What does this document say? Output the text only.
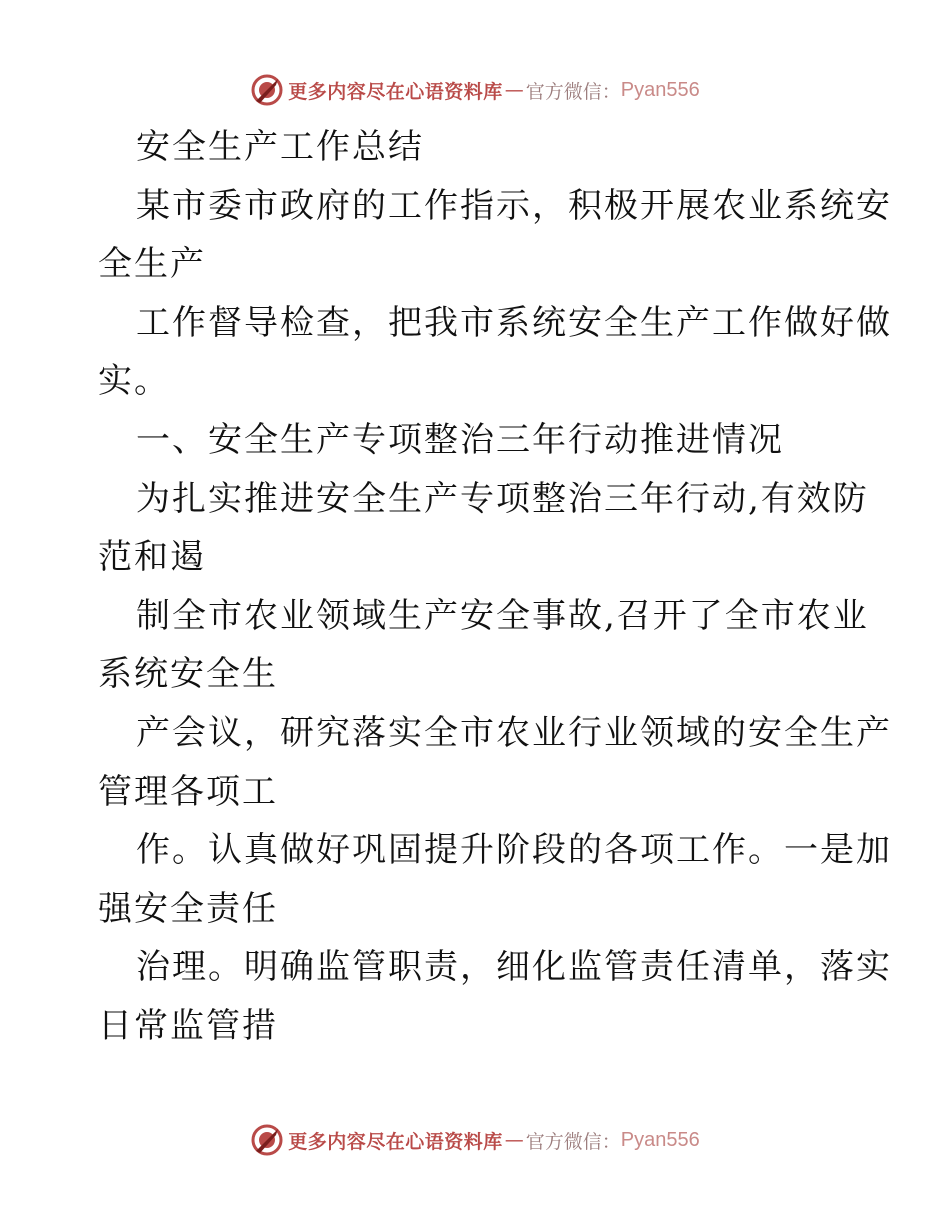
更多内容尽在心语资料库 — 官方微信： Pyan556
安全生产工作总结
某市委市政府的工作指示，积极开展农业系统安
全生产
工作督导检查，把我市系统安全生产工作做好做
实。
一、安全生产专项整治三年行动推进情况
为扎实推进安全生产专项整治三年行动,有效防
范和遏
制全市农业领域生产安全事故,召开了全市农业
系统安全生
产会议，研究落实全市农业行业领域的安全生产
管理各项工
作。认真做好巩固提升阶段的各项工作。一是加
强安全责任
治理。明确监管职责，细化监管责任清单，落实
日常监管措
更多内容尽在心语资料库 — 官方微信： Pyan556
